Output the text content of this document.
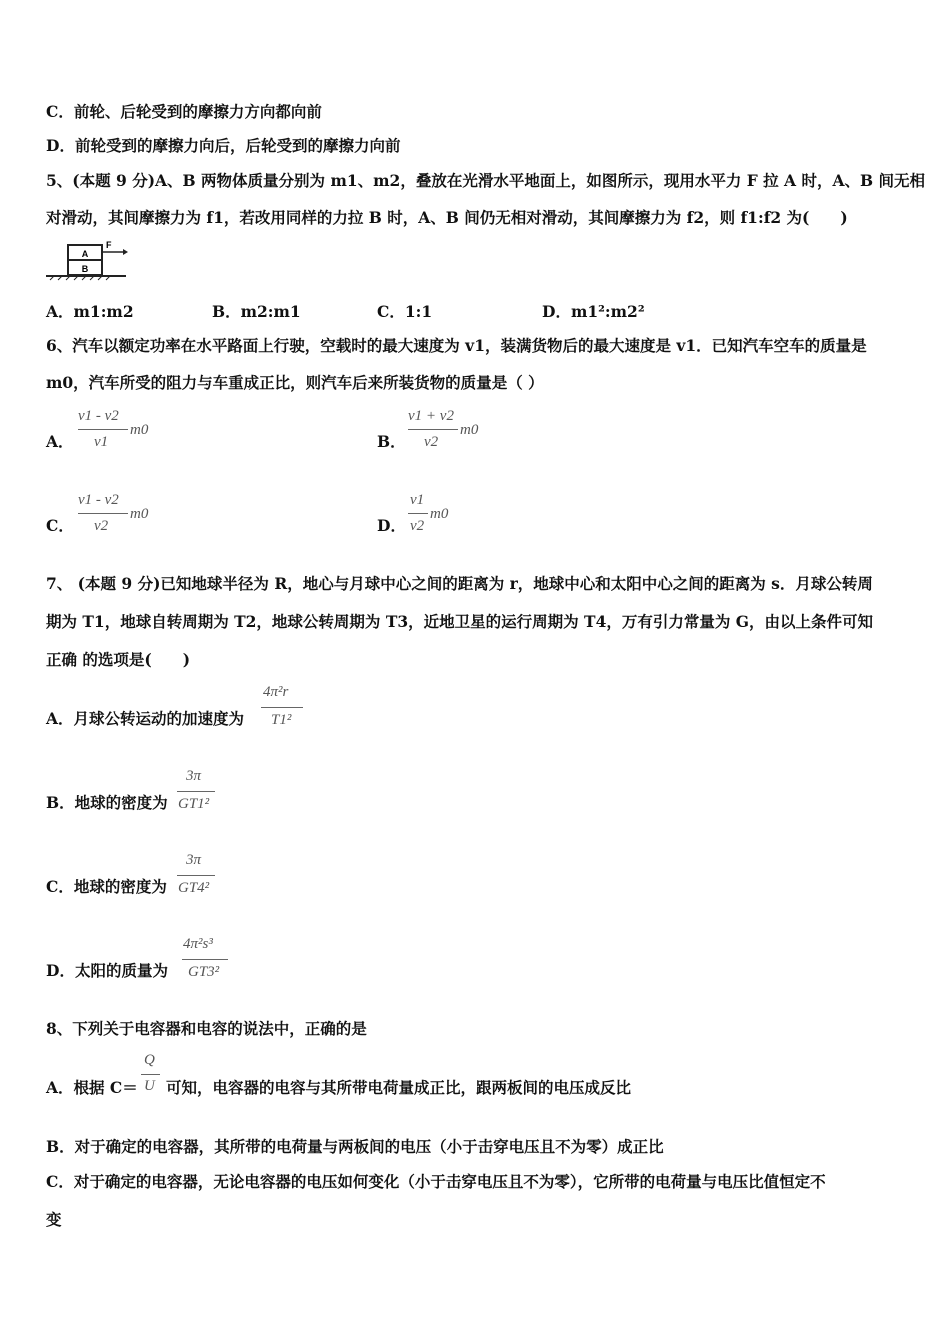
C．前轮、后轮受到的摩擦力方向都向前
D．前轮受到的摩擦力向后，后轮受到的摩擦力向前
5、(本题 9 分)A、B 两物体质量分别为 m1、m2，叠放在光滑水平地面上，如图所示，现用水平力 F 拉 A 时，A、B 间无相
对滑动，其间摩擦力为 f1，若改用同样的力拉 B 时，A、B 间仍无相对滑动，其间摩擦力为 f2，则 f1:f2 为(　　)
A
B
F
A．m1:m2	B．m2:m1	C．1:1	D．m1²:m2²
6、汽车以额定功率在水平路面上行驶，空载时的最大速度为 v1，装满货物后的最大速度是 v1．已知汽车空车的质量是
m0，汽车所受的阻力与车重成正比，则汽车后来所装货物的质量是（ ）
A．
v1 - v2
v1
m0
B．
v1 + v2
v2
m0
C．
v1 - v2
v2
m0
D．
v1
v2
m0
7、 (本题 9 分)已知地球半径为 R，地心与月球中心之间的距离为 r，地球中心和太阳中心之间的距离为 s．月球公转周
期为 T1，地球自转周期为 T2，地球公转周期为 T3，近地卫星的运行周期为 T4，万有引力常量为 G，由以上条件可知
正确 的选项是(　　)
A．月球公转运动的加速度为
4π²r
T1²
B．地球的密度为
3π
GT1²
C．地球的密度为
3π
GT4²
D．太阳的质量为
4π²s³
GT3²
8、下列关于电容器和电容的说法中，正确的是
A．根据 C＝
Q
U 可知，电容器的电容与其所带电荷量成正比，跟两板间的电压成反比
B．对于确定的电容器，其所带的电荷量与两板间的电压（小于击穿电压且不为零）成正比
C．对于确定的电容器，无论电容器的电压如何变化（小于击穿电压且不为零），它所带的电荷量与电压比值恒定不
变
